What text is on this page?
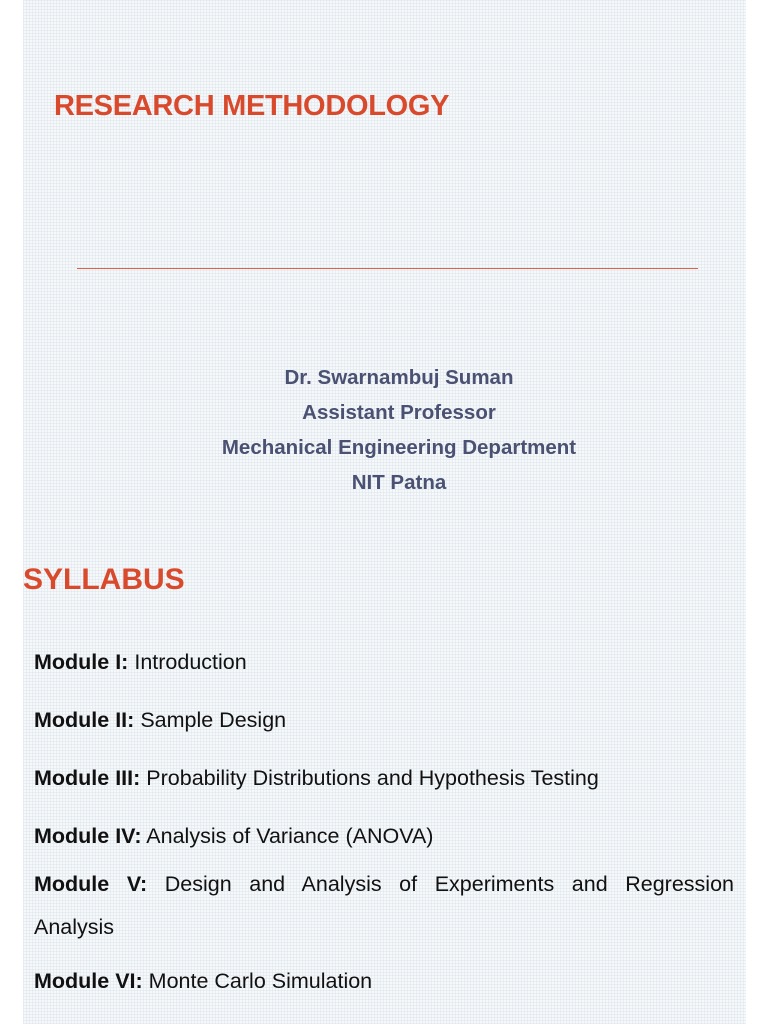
RESEARCH METHODOLOGY
Dr. Swarnambuj Suman
Assistant Professor
Mechanical Engineering Department
NIT Patna
SYLLABUS
Module I: Introduction
Module II: Sample Design
Module III: Probability Distributions and Hypothesis Testing
Module IV: Analysis of Variance (ANOVA)
Module V: Design and Analysis of Experiments and Regression
Analysis
Module VI: Monte Carlo Simulation
